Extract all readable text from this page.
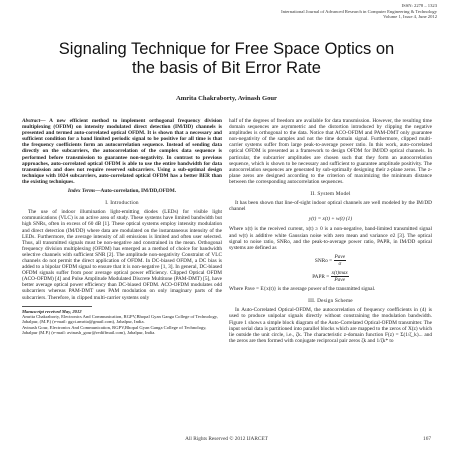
ISSN: 2278 – 1323
International Journal of Advanced Research in Computer Engineering & Technology
Volume 1, Issue 4, June 2012
Signaling Technique for Free Space Optics on
the basis of Bit Error Rate
Amrita Chakraborty, Avinash Gour
Abstract— A new efficient method to implement orthogonal frequency division multiplexing (OFDM) on intensity modulated direct detection (IM/DD) channels is presented and termed auto-correlated optical OFDM. It is shown that a necessary and sufficient condition for a band limited periodic signal to be positive for all time is that the frequency coefficients form an autocorrelation sequence. Instead of sending data directly on the subcarriers, the autocorrelation of the complex data sequence is performed before transmission to guarantee non-negativity. In contrast to previous approaches, auto-correlated optical OFDM is able to use the entire bandwidth for data transmission and does not require reserved subcarriers. Using a sub-optimal design technique with 1024 subcarriers, auto-correlated optical OFDM has a better BER than the existing techniques.
Index Terms—Auto-correlation, IM/DD,OFDM.
I. Introduction

The use of indoor illumination light-emitting diodes (LEDs) for visible light communications (VLC) is an active area of study. These systems have limited bandwidth but high SNRs, often in excess of 60 dB [1]. These optical systems employ intensity modulation and direct detection (IM/DD) where data are modulated on the instantaneous intensity of the LEDs. Furthermore, the average intensity of all emissions is limited and often user selected. Thus, all transmitted signals must be non-negative and constrained in the mean. Orthogonal frequency division multiplexing (OFDM) has emerged as a method of choice for bandwidth selective channels with sufficient SNR [2]. The amplitude non-negativity Constraint of VLC channels do not permit the direct application of OFDM. In DC-biased OFDM, a DC bias is added to a bipolar OFDM signal to ensure that it is non-negative [1, 3]. In general, DC-biased OFDM signals suffer from poor average optical power efficiency. Clipped Optical OFDM (ACO-OFDM) [4] and Pulse Amplitude Modulated Discrete Multitone (PAM-DMT) [5], have better average optical power efficiency than DC-biased OFDM. ACO-OFDM modulates odd subcarriers whereas PAM-DMT uses PAM modulation on only imaginary parts of the subcarriers. Therefore, in clipped multi-carrier systems only

Manuscript received May, 2012
Amrita Chakraborty, Electronics And Communication, RGPV,Bhopal Gyan Ganga College of Technology, Jabalpur, (M.P.) (e-mail: ggct.amrita@gmail.com), Jabalpur, India.
Avinash Gour, Electronics And Communication, RGPV,Bhopal Gyan Ganga College of Technology, Jabalpur (M.P.) (e-mail: avinash_gour@rediffmail.com), Jabalpur, India.

half of the degrees of freedom are available for data transmission. However, the resulting time domain sequences are asymmetric and the distortion introduced by clipping the negative amplitudes is orthogonal to the data. Notice that ACO-OFDM and PAM-DMT only guarantee non-negativity of the samples and not the time domain signal. Furthermore, clipped multi-carrier systems suffer from large peak-to-average power ratio. In this work, auto-correlated optical OFDM is presented as a framework to design OFDM for IM/DD optical channels. In particular, the subcarrier amplitudes are chosen such that they form an autocorrelation sequence, which is shown to be necessary and sufficient to guarantee amplitude positivity. The autocorrelation sequences are generated by sub-optimally designing their z-plane zeros. The z-plane zeros are designed according to the criterion of maximizing the minimum distance between the corresponding autocorrelation sequences.

II. System Model

It has been shown that line-of-sight indoor optical channels are well modeled by the IM/DD channel

y(t) = x(t) + w(t) (1)

Where x(t) is the received current, x(t) ≥ 0 is a non-negative, band-limited transmitted signal and w(t) is additive white Gaussian noise with zero mean and variance σ2 [3]. The optical signal to noise ratio, SNRo, and the peak-to-average power ratio, PAPR, in IM/DD optical systems are defined as

SNRo = $\frac{\text{Pave}}{\sigma}$
PAPR = $\frac{x(t)\max}{\text{Pave}}$

Where Pave = E{x(t)} is the average power of the transmitted signal.

III. Design Scheme

In Auto-Correlated Optical-OFDM, the autocorrelation of frequency coefficients in (4) is used to produce unipolar signals directly without constraining the modulation bandwidth. Figure 1 shows a simple block diagram of the Auto-Correlated Optical-OFDM transmitter. The input serial data is partitioned into parallel blocks which are mapped to the zeros of X(z) which lie outside the unit circle, i.e., ζk. The characteristic z-domain function F(z) = Σ(1/ζ_k)... and the zeros are then formed with conjugate reciprocal pair zeros ζk and 1/ζk* to

All Rights Reserved © 2012 IJARCET	167
